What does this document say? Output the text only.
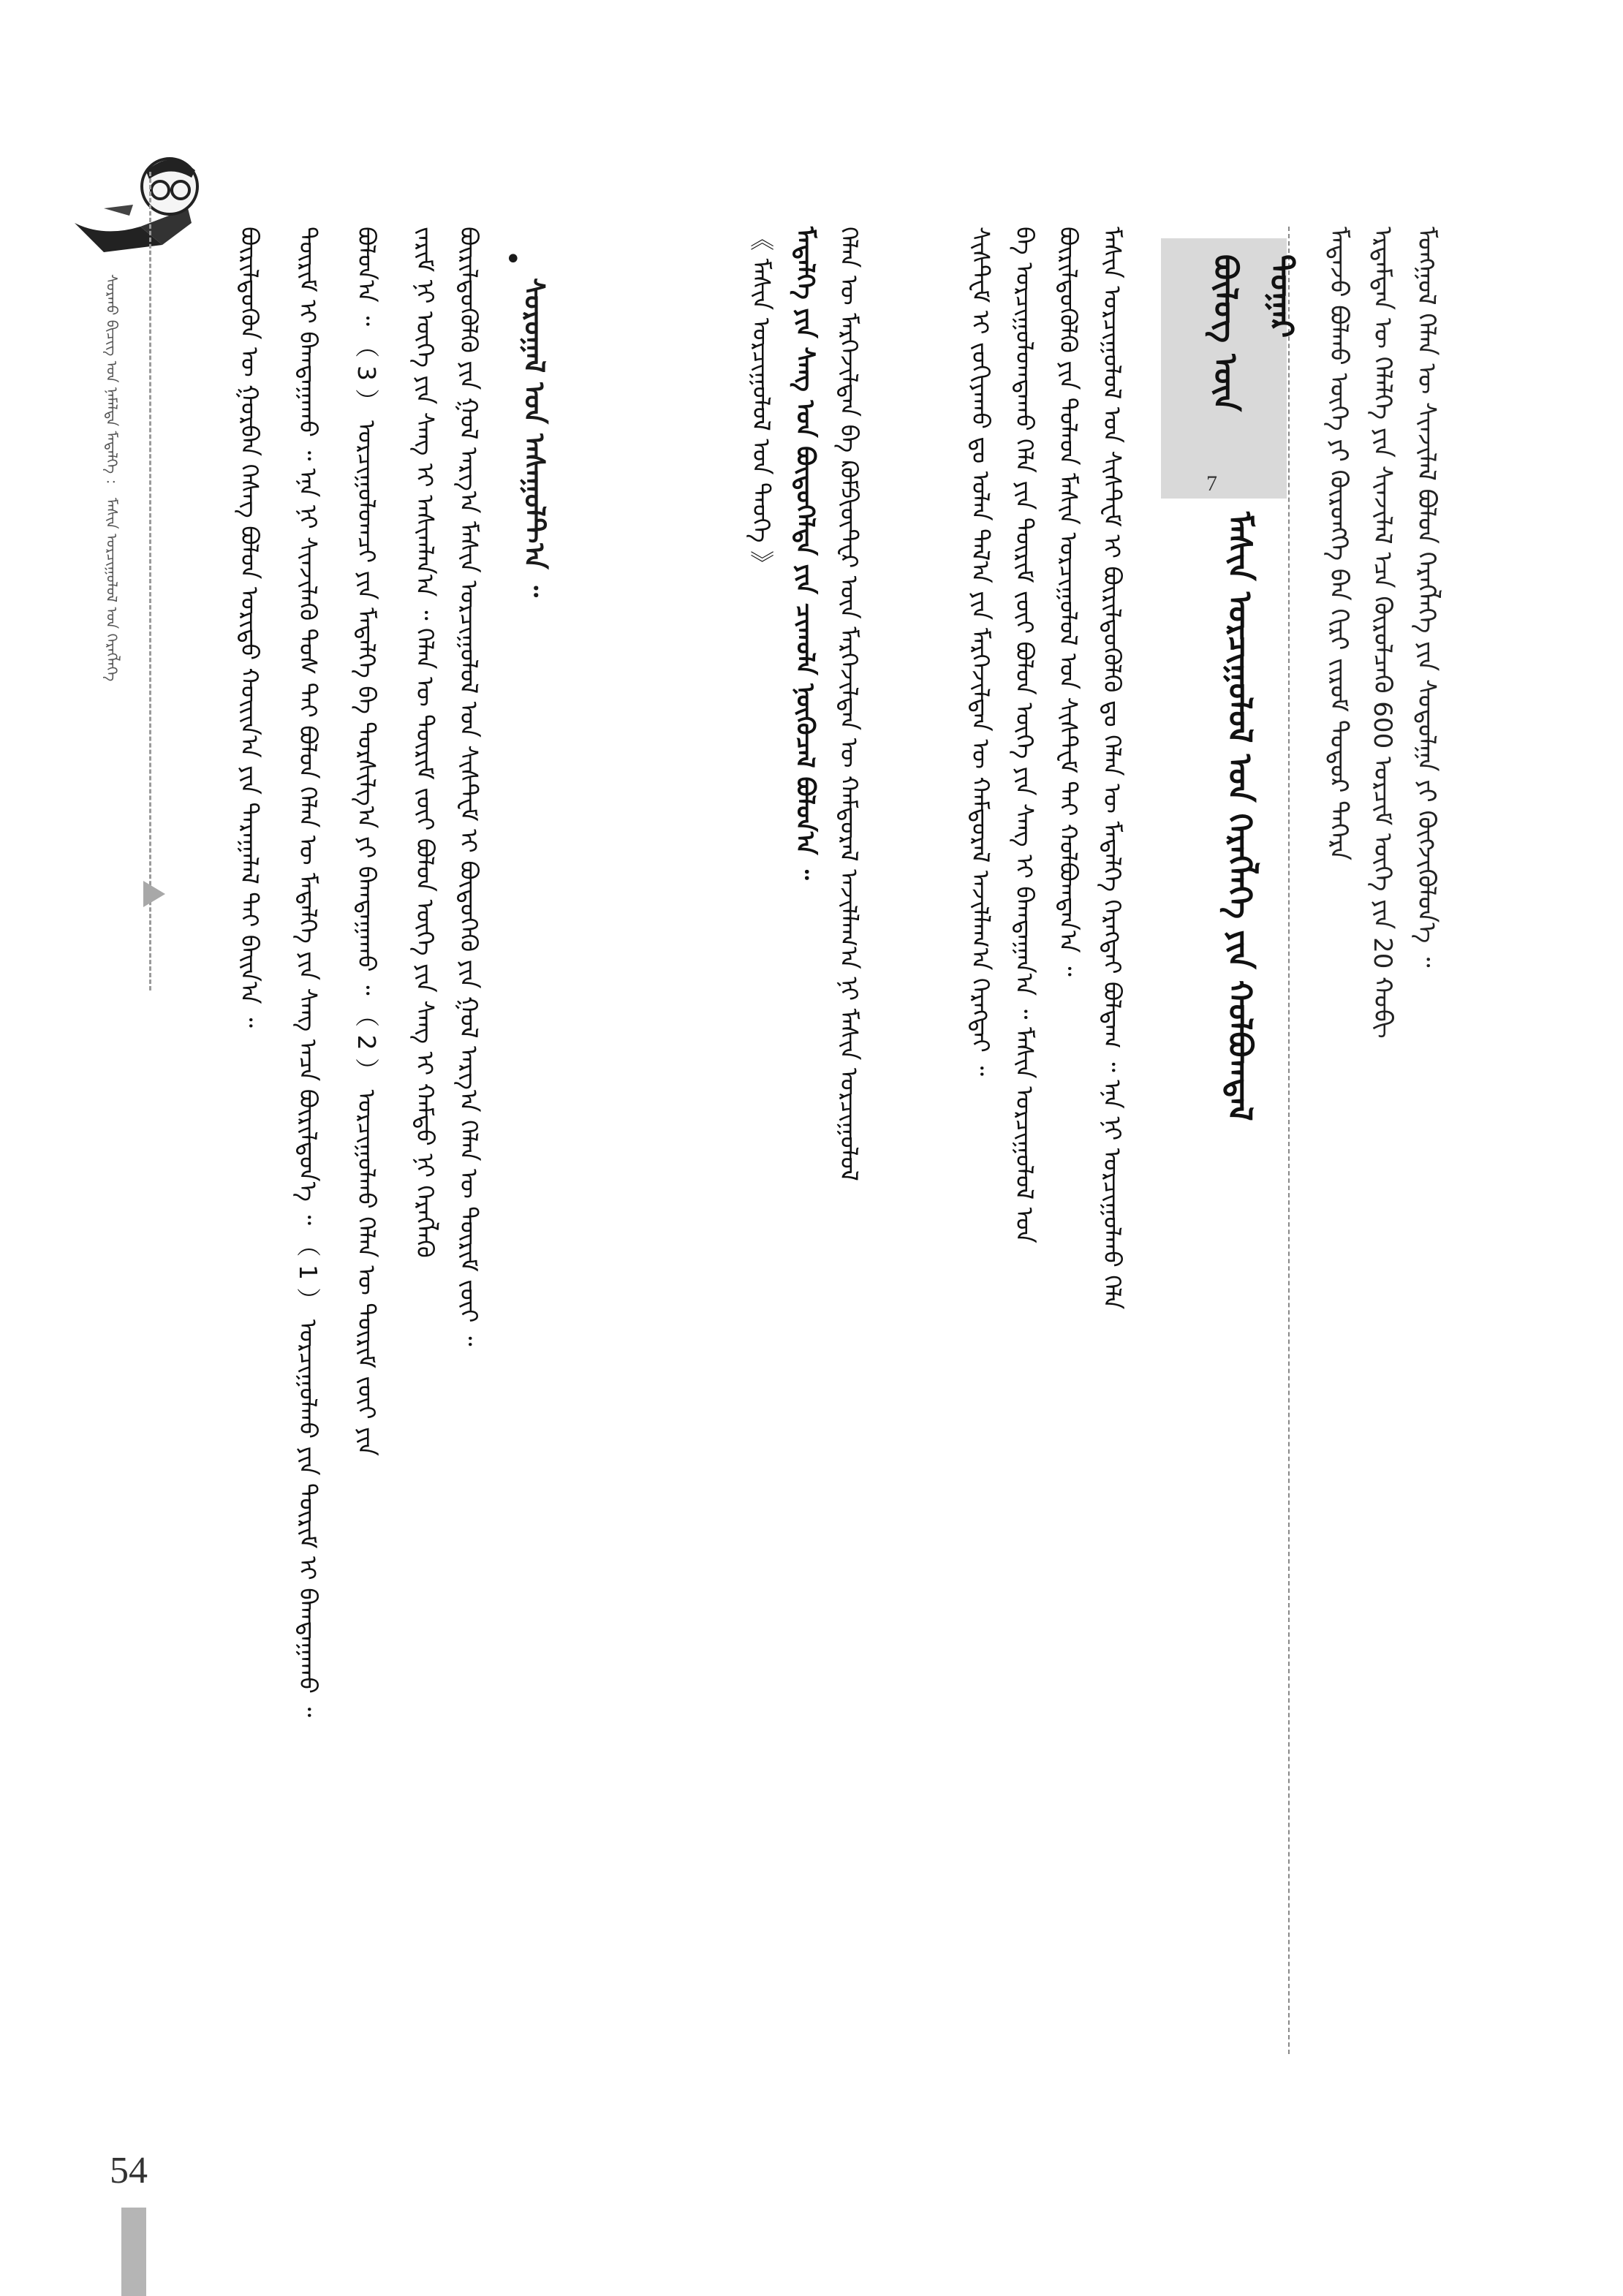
ᠰᠤᠷᠬᠤ ᠪᠢᠴᠢᠭ ᠤᠨ ᠨᠡᠮᠡᠯᠲᠡ ᠮᠡᠳᠡᠯᠭᠡ ： ᠮᠠᠰᠢᠨ ᠤᠷᠴᠢᠭᠤᠯᠤᠯ ᠤᠨ ᠬᠡᠷᠡᠭᠯᠡᠭᠡ	ᠮᠣᠩᠭᠣᠯ ᠬᠡᠯᠡᠨ ᠦ ᠰᠢᠨᠵᠢᠯᠡᠯ ᠪᠣᠯᠤᠨ ᠬᠡᠷᠡᠭᠯᠡᠭᠡ ᠶᠢᠨ ᠰᠤᠳᠤᠯᠭᠠ ᠶᠢ ᠬᠥᠭᠵᠢᠭᠦᠯᠦᠨ᠎ᠡ ᠃
ᠡᠷᠳᠡᠮᠲᠡᠨ ᠦ ᠬᠡᠯᠡᠯᠭᠡ ᠶᠢᠨ ᠰᠢᠨᠵᠢᠯᠡᠯ ᠡᠴᠡ ᠬᠦᠷᠦᠯᠴᠡᠬᠦ 600 ᠣᠷᠴᠢᠮ ᠦᠭᠡ ᠶᠢᠨ 20 ᠬᠤᠪᠢ
ᠮᠡᠳᠡᠵᠦ ᠪᠣᠯᠬᠤ ᠦᠭᠡ ᠶᠢ ᠬᠥᠷᠥᠩᠭᠡ ᠪᠡᠨ ᠬᠢᠷᠢ ᠵᠢᠷᠤᠮ ᠳᠣᠳᠤᠷ ᠳᠡᠭᠡᠷᠡ
ᠪᠦᠯᠦᠭ ᠦᠨ ᠳᠤᠭᠠᠷ
7
ᠮᠠᠰᠢᠨ ᠣᠷᠴᠢᠭᠤᠯᠤᠯ ᠤᠨ ᠬᠡᠷᠡᠭᠯᠡᠭᠡ ᠶᠢᠨ ᠬᠣᠯᠪᠣᠭᠳᠠᠯ
ᠮᠠᠰᠢᠨ ᠣᠷᠴᠢᠭᠤᠯᠤᠯ ᠤᠨ ᠰᠢᠰᠲ᠋ᠧᠮ ᠢ ᠪᠦᠷᠢᠯᠳᠦᠭᠦᠯᠬᠦ ᠳᠤ ᠬᠡᠯᠡᠨ ᠦ ᠮᠡᠳᠡᠯᠭᠡ ᠬᠡᠷᠡᠭᠲᠡᠢ ᠪᠣᠯᠳᠠᠭ ᠃ ᠡᠨᠡ ᠨᠢ ᠣᠷᠴᠢᠭᠤᠯᠬᠤ ᠬᠡᠯᠡ
ᠪᠦᠷᠢᠯᠳᠦᠭᠦᠯᠬᠦ ᠶᠢᠨ ᠲᠤᠯᠠᠳ ᠮᠠᠰᠢᠨ ᠣᠷᠴᠢᠭᠤᠯᠤᠯ ᠤᠨ ᠰᠢᠰᠲ᠋ᠧᠮ ᠲᠡᠢ ᠬᠣᠯᠪᠣᠭᠳᠠᠨ᠎ᠠ ᠃
ᠪᠠ ᠣᠷᠴᠢᠭᠤᠯᠤᠭᠳᠠᠬᠤ ᠬᠡᠯᠡ ᠶᠢᠨ ᠳᠦᠷᠢᠮ ᠵᠦᠢ ᠪᠣᠯᠤᠨ ᠦᠭᠡ ᠶᠢᠨ ᠰᠠᠩ ᠢ ᠪᠠᠭᠲᠠᠭᠠᠨ᠎ᠠ ᠃ ᠮᠠᠰᠢᠨ ᠣᠷᠴᠢᠭᠤᠯᠤᠯ ᠤᠨ
ᠰᠢᠰᠲ᠋ᠧᠮ ᠢ ᠵᠣᠬᠢᠶᠠᠬᠤ ᠳᠤ ᠣᠯᠠᠨ ᠲᠠᠯ᠎ᠠ ᠶᠢᠨ ᠮᠡᠷᠭᠡᠵᠢᠯᠲᠡᠨ ᠦ ᠬᠠᠮᠲᠤᠷᠠᠯ ᠠᠵᠢᠯᠯᠠᠭ᠎ᠠ ᠬᠡᠷᠡᠭᠲᠡᠢ ᠃
ᠬᠡᠯᠡᠨ ᠦ ᠮᠡᠷᠭᠡᠵᠢᠯᠲᠡᠨ ᠪᠠ ᠺᠣᠮᠫᠢᠦ᠋ᠲ᠋ᠧᠷ ᠦᠨ ᠮᠡᠷᠭᠡᠵᠢᠯᠲᠡᠨ ᠦ ᠬᠠᠮᠲᠤᠷᠠᠯ ᠠᠵᠢᠯᠯᠠᠭ᠎ᠠ ᠨᠢ ᠮᠠᠰᠢᠨ ᠣᠷᠴᠢᠭᠤᠯᠤᠯ
ᠮᠡᠳᠡᠯᠭᠡ ᠶᠢᠨ ᠰᠠᠩ ᠤᠨ ᠪᠦᠲᠦᠭᠡᠯᠲᠡ ᠶᠢᠨ ᠴᠢᠬᠤᠯᠠ ᠨᠥᠬᠦᠴᠡᠯ ᠪᠣᠯᠤᠨ᠎ᠠ ᠃
《 ᠮᠠᠰᠢᠨ ᠣᠷᠴᠢᠭᠤᠯᠤᠯ ᠤᠨ ᠲᠡᠦᠬᠡ 》
•
ᠰᠤᠷᠤᠭᠠᠯ ᠤᠨ ᠠᠰᠠᠭᠤᠯᠲ᠎ᠠ ᠃
ᠪᠦᠷᠢᠯᠳᠦᠭᠦᠯᠬᠦ ᠶᠢᠨ ᠭᠣᠯ ᠠᠷᠭ᠎ᠠ ᠮᠠᠰᠢᠨ ᠣᠷᠴᠢᠭᠤᠯᠤᠯ ᠤᠨ ᠰᠢᠰᠲ᠋ᠧᠮ ᠢ ᠪᠦᠲᠦᠭᠡᠬᠦ ᠶᠢᠨ ᠭᠣᠯ ᠠᠷᠭ᠎ᠠ ᠬᠡᠯᠡᠨ ᠦ ᠳᠦᠷᠢᠮ ᠵᠦᠢ ᠃
ᠵᠠᠷᠢᠮ ᠨᠢ ᠦᠭᠡ ᠶᠢᠨ ᠰᠠᠩ ᠢ ᠠᠰᠢᠭᠯᠠᠨ᠎ᠠ ᠃ ᠬᠡᠯᠡᠨ ᠦ ᠳᠦᠷᠢᠮ ᠵᠦᠢ ᠪᠣᠯᠤᠨ ᠦᠭᠡ ᠶᠢᠨ ᠰᠠᠩ ᠢ ᠬᠠᠮᠲᠤ ᠨᠢ ᠬᠡᠷᠡᠭᠯᠡᠬᠦ
ᠪᠣᠯᠤᠨ᠎ᠠ ᠃ （ 3 ） ᠣᠷᠴᠢᠭᠤᠯᠤᠭᠴᠢ ᠶᠢᠨ ᠮᠡᠳᠡᠯᠭᠡ ᠪᠠ ᠲᠤᠷᠰᠢᠯᠭ᠎ᠠ ᠶᠢ ᠪᠠᠭᠲᠠᠭᠠᠬᠤ ᠃ （ 2 ） ᠣᠷᠴᠢᠭᠤᠯᠬᠤ ᠬᠡᠯᠡᠨ ᠦ ᠳᠦᠷᠢᠮ ᠵᠦᠢ ᠶᠢᠨ
ᠳᠦᠷᠢᠮ ᠢ ᠪᠠᠭᠲᠠᠭᠠᠬᠤ ᠃ ᠡᠨᠡ ᠨᠢ ᠰᠢᠨᠵᠢᠯᠡᠬᠦ ᠲᠤᠰ ᠲᠠᠢ ᠪᠣᠯᠤᠨ ᠬᠡᠯᠡᠨ ᠦ ᠮᠡᠳᠡᠯᠭᠡ ᠶᠢᠨ ᠰᠠᠩ ᠠᠴᠠ ᠪᠦᠷᠢᠯᠳᠦᠨ᠎ᠡ ᠃ （ 1 ） ᠣᠷᠴᠢᠭᠤᠯᠬᠤ ᠶᠢᠨ ᠳᠦᠷᠢᠮ ᠢ ᠪᠠᠭᠲᠠᠭᠠᠬᠤ ᠃
ᠪᠦᠷᠢᠯᠳᠦᠬᠦᠨ ᠦ ᠭᠤᠷᠪᠠᠨ ᠬᠡᠰᠡᠭ ᠪᠣᠯᠤᠨ ᠤᠷᠢᠳᠤ ᠬᠣᠢᠢᠨ᠎ᠠ ᠶᠢᠨ ᠳᠠᠷᠠᠭᠠᠯᠠᠯ ᠲᠠᠢ ᠪᠠᠢᠨ᠎ᠠ ᠃
54
